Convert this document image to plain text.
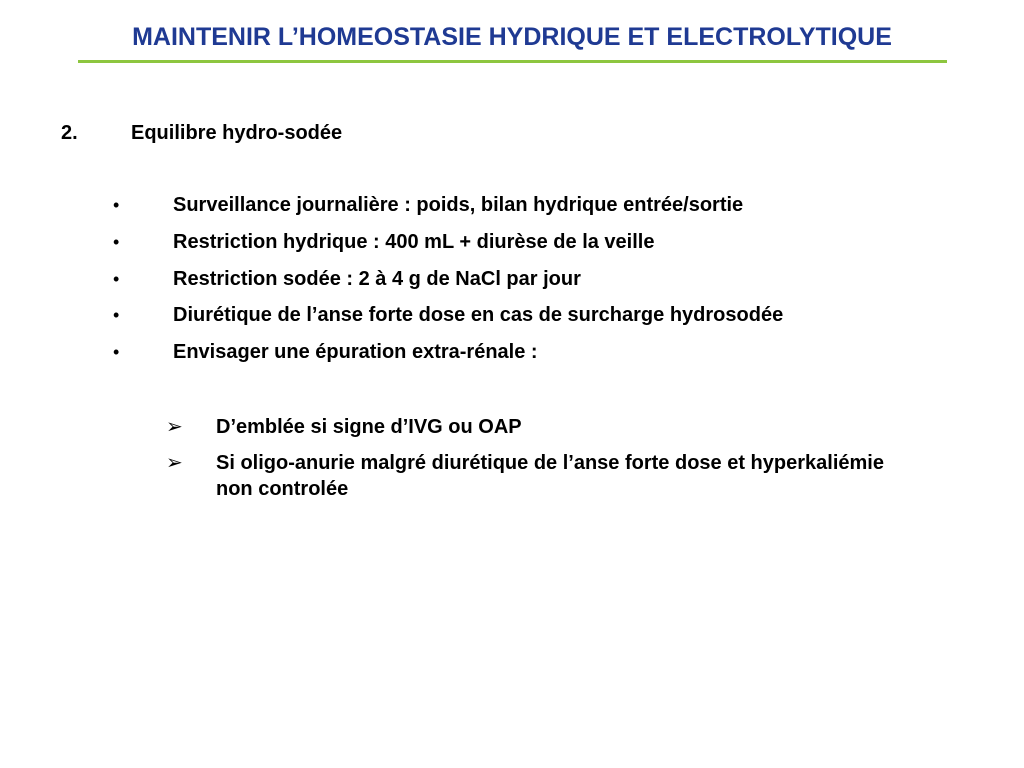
MAINTENIR L’HOMEOSTASIE HYDRIQUE ET ELECTROLYTIQUE
2.	Equilibre hydro-sodée
•	Surveillance journalière : poids, bilan hydrique entrée/sortie
•	Restriction hydrique : 400 mL + diurèse de la veille
•	Restriction sodée : 2 à 4 g de NaCl par jour
•	Diurétique de l’anse forte dose en cas de surcharge hydrosodée
•	Envisager une épuration extra-rénale :
➢ D’emblée si signe d’IVG ou OAP
➢ Si oligo-anurie malgré diurétique de l’anse forte dose et hyperkaliémie non controlée
